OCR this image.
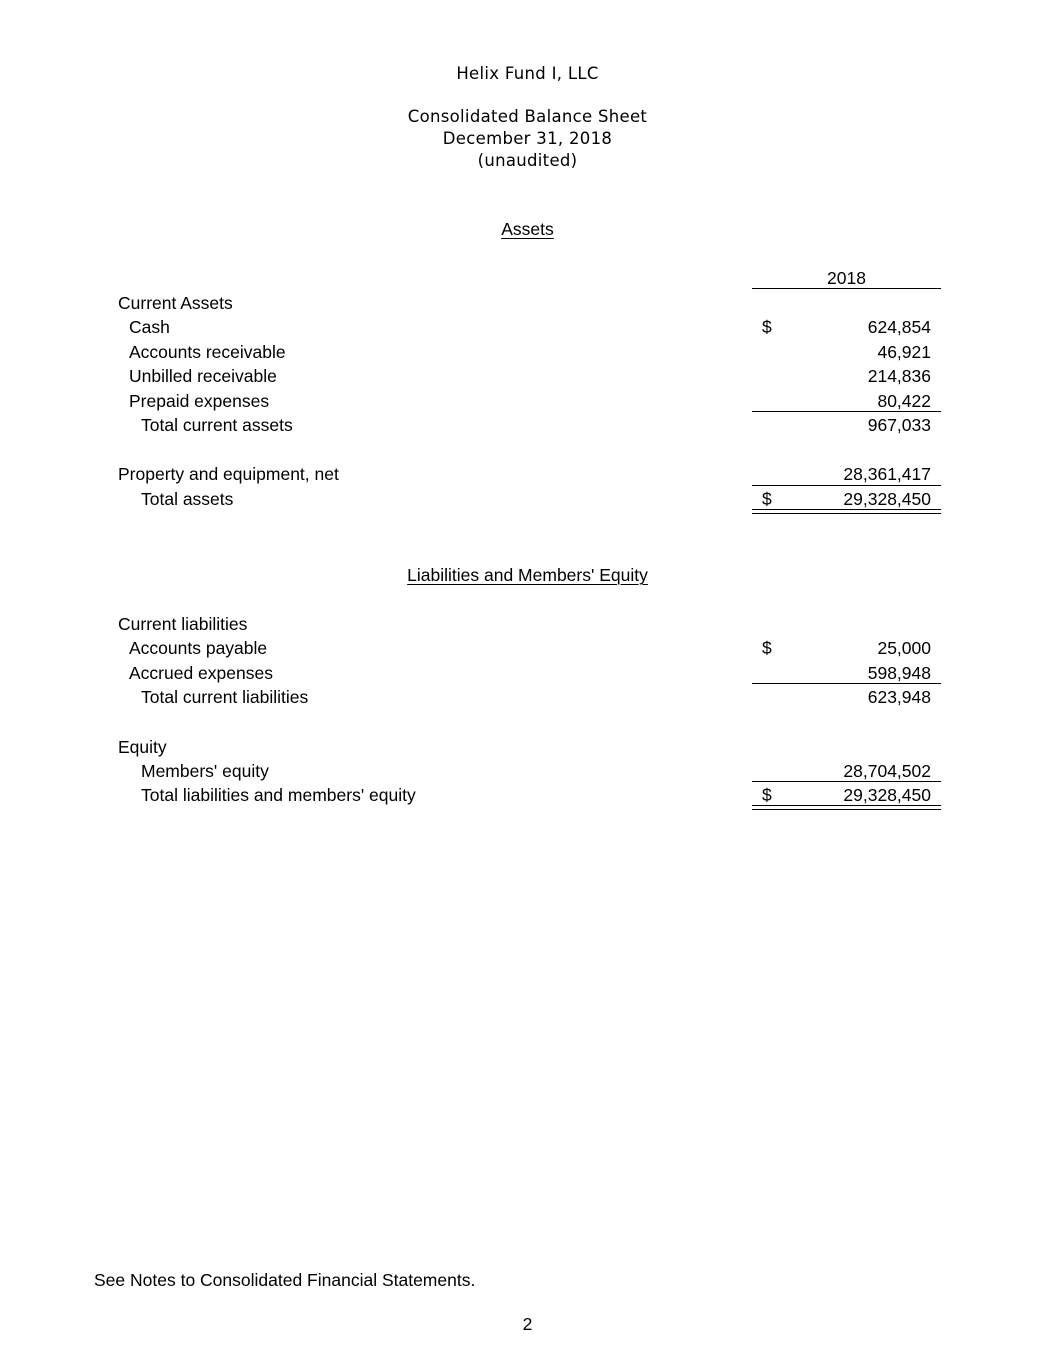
Helix Fund I, LLC
Consolidated Balance Sheet
December 31, 2018
(unaudited)
Assets
2018
Current Assets
Cash	$	624,854
Accounts receivable	46,921
Unbilled receivable	214,836
Prepaid expenses	80,422
Total current assets	967,033
Property and equipment, net	28,361,417
Total assets	$	29,328,450
Liabilities and Members' Equity
Current liabilities
Accounts payable	$	25,000
Accrued expenses	598,948
Total current liabilities	623,948
Equity
Members' equity	28,704,502
Total liabilities and members' equity	$	29,328,450
See Notes to Consolidated Financial Statements.
2
